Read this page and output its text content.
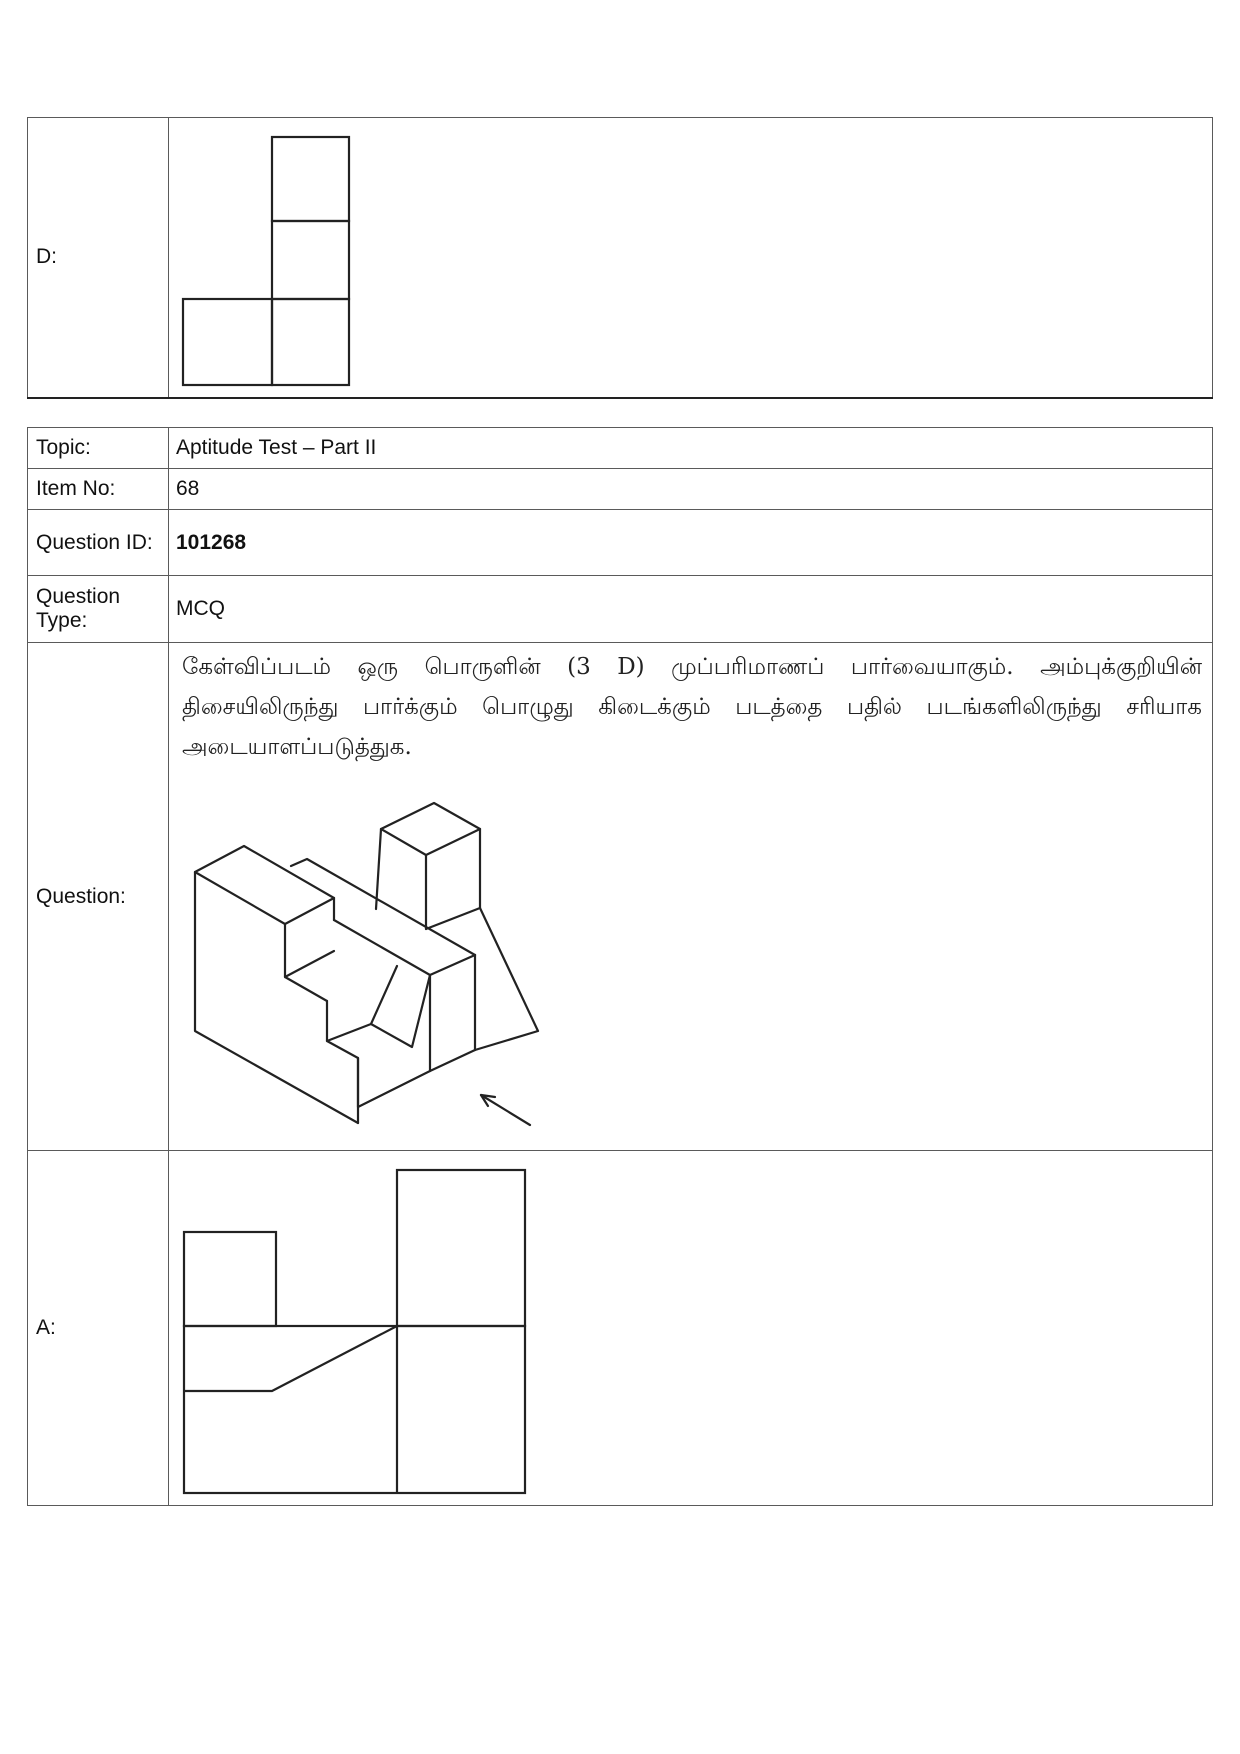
D:	
Topic:	Aptitude Test – Part II
Item No:	68
Question ID:	101268
Question Type:	MCQ
Question:	கேள்விப்படம் ஒரு பொருளின் (3 D) முப்பரிமாணப் பார்வையாகும். அம்புக்குறியின் திசையிலிருந்து பார்க்கும் பொழுது கிடைக்கும் படத்தை பதில் படங்களிலிருந்து சரியாக அடையாளப்படுத்துக.

A:	
